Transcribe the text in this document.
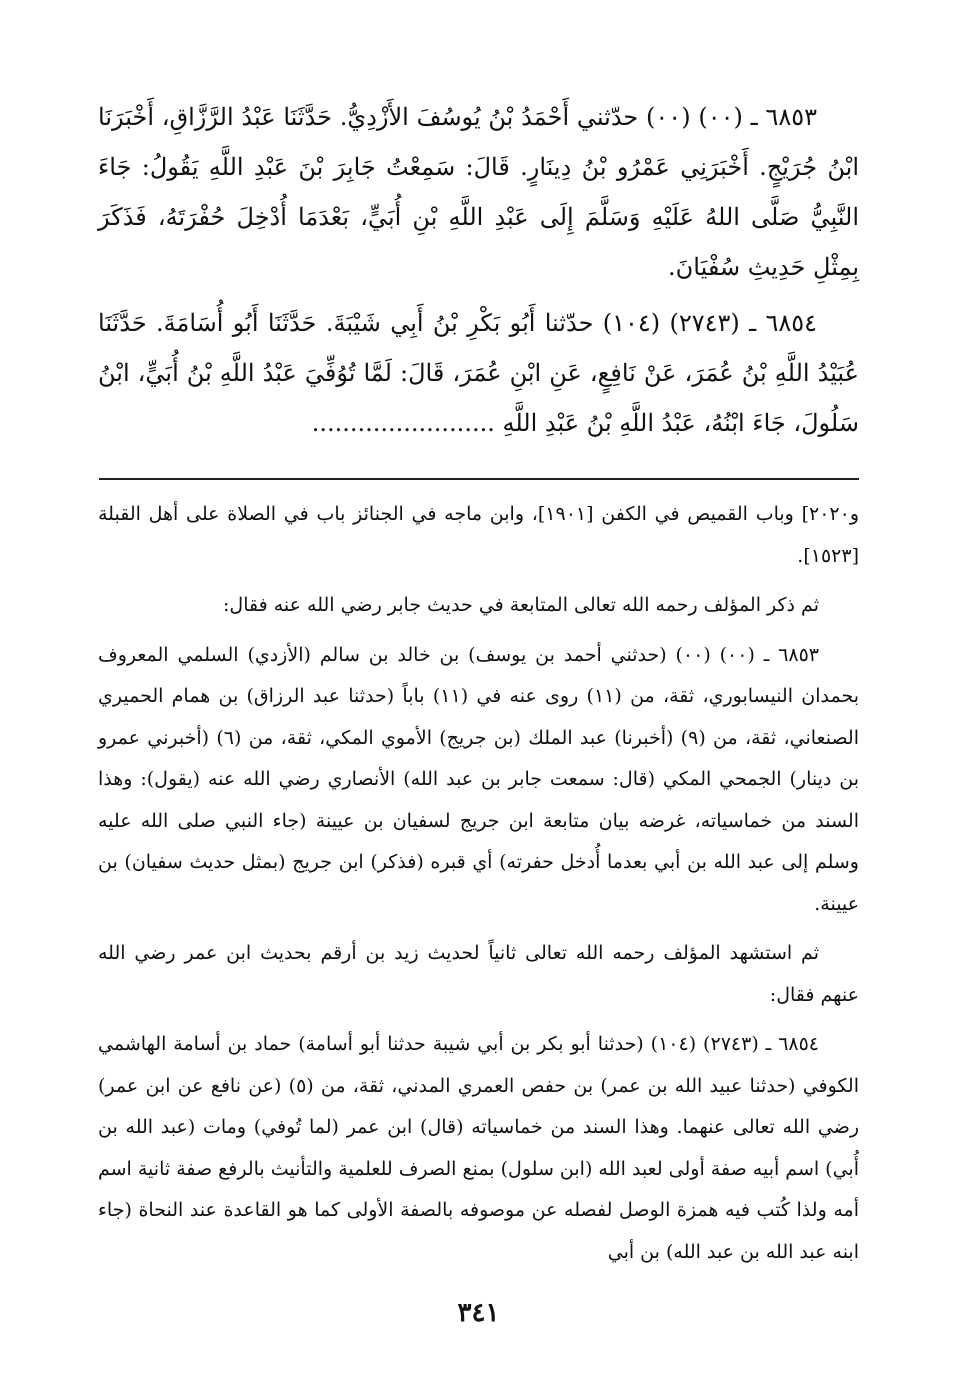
٦٨٥٣ ـ (٠٠) (٠٠) حدّثني أَحْمَدُ بْنُ يُوسُفَ الأَزْدِيُّ. حَدَّثَنَا عَبْدُ الرَّزَّاقِ، أَخْبَرَنَا ابْنُ جُرَيْجٍ. أَخْبَرَنِي عَمْرُو بْنُ دِينَارٍ. قَالَ: سَمِعْتُ جَابِرَ بْنَ عَبْدِ اللَّهِ يَقُولُ: جَاءَ النَّبِيُّ صَلَّى اللهُ عَلَيْهِ وَسَلَّمَ إِلَى عَبْدِ اللَّهِ بْنِ أُبَيٍّ، بَعْدَمَا أُدْخِلَ حُفْرَتَهُ، فَذَكَرَ بِمِثْلِ حَدِيثِ سُفْيَانَ.

٦٨٥٤ ـ (٢٧٤٣) (١٠٤) حدّثنا أَبُو بَكْرِ بْنُ أَبِي شَيْبَةَ. حَدَّثَنَا أَبُو أُسَامَةَ. حَدَّثَنَا عُبَيْدُ اللَّهِ بْنُ عُمَرَ، عَنْ نَافِعٍ، عَنِ ابْنِ عُمَرَ، قَالَ: لَمَّا تُوُفِّيَ عَبْدُ اللَّهِ بْنُ أُبَيٍّ، ابْنُ سَلُولَ، جَاءَ ابْنُهُ، عَبْدُ اللَّهِ بْنُ عَبْدِ اللَّهِ ........................

و٢٠٢٠] وباب القميص في الكفن [١٩٠١]، وابن ماجه في الجنائز باب في الصلاة على أهل القبلة [١٥٢٣].

ثم ذكر المؤلف رحمه الله تعالى المتابعة في حديث جابر رضي الله عنه فقال:

٦٨٥٣ ـ (٠٠) (٠٠) (حدثني أحمد بن يوسف) بن خالد بن سالم (الأزدي) السلمي المعروف بحمدان النيسابوري، ثقة، من (١١) روى عنه في (١١) باباً (حدثنا عبد الرزاق) بن همام الحميري الصنعاني، ثقة، من (٩) (أخبرنا) عبد الملك (بن جريج) الأموي المكي، ثقة، من (٦) (أخبرني عمرو بن دينار) الجمحي المكي (قال: سمعت جابر بن عبد الله) الأنصاري رضي الله عنه (يقول): وهذا السند من خماسياته، غرضه بيان متابعة ابن جريج لسفيان بن عيينة (جاء النبي صلى الله عليه وسلم إلى عبد الله بن أبي بعدما أُدخل حفرته) أي قبره (فذكر) ابن جريج (بمثل حديث سفيان) بن عيينة.

ثم استشهد المؤلف رحمه الله تعالى ثانياً لحديث زيد بن أرقم بحديث ابن عمر رضي الله عنهم فقال:

٦٨٥٤ ـ (٢٧٤٣) (١٠٤) (حدثنا أبو بكر بن أبي شيبة حدثنا أبو أسامة) حماد بن أسامة الهاشمي الكوفي (حدثنا عبيد الله بن عمر) بن حفص العمري المدني، ثقة، من (٥) (عن نافع عن ابن عمر) رضي الله تعالى عنهما. وهذا السند من خماسياته (قال) ابن عمر (لما تُوفي) ومات (عبد الله بن أُبي) اسم أبيه صفة أولى لعبد الله (ابن سلول) بمنع الصرف للعلمية والتأنيث بالرفع صفة ثانية اسم أمه ولذا كُتب فيه همزة الوصل لفصله عن موصوفه بالصفة الأولى كما هو القاعدة عند النحاة (جاء ابنه عبد الله بن عبد الله) بن أبي

٣٤١
